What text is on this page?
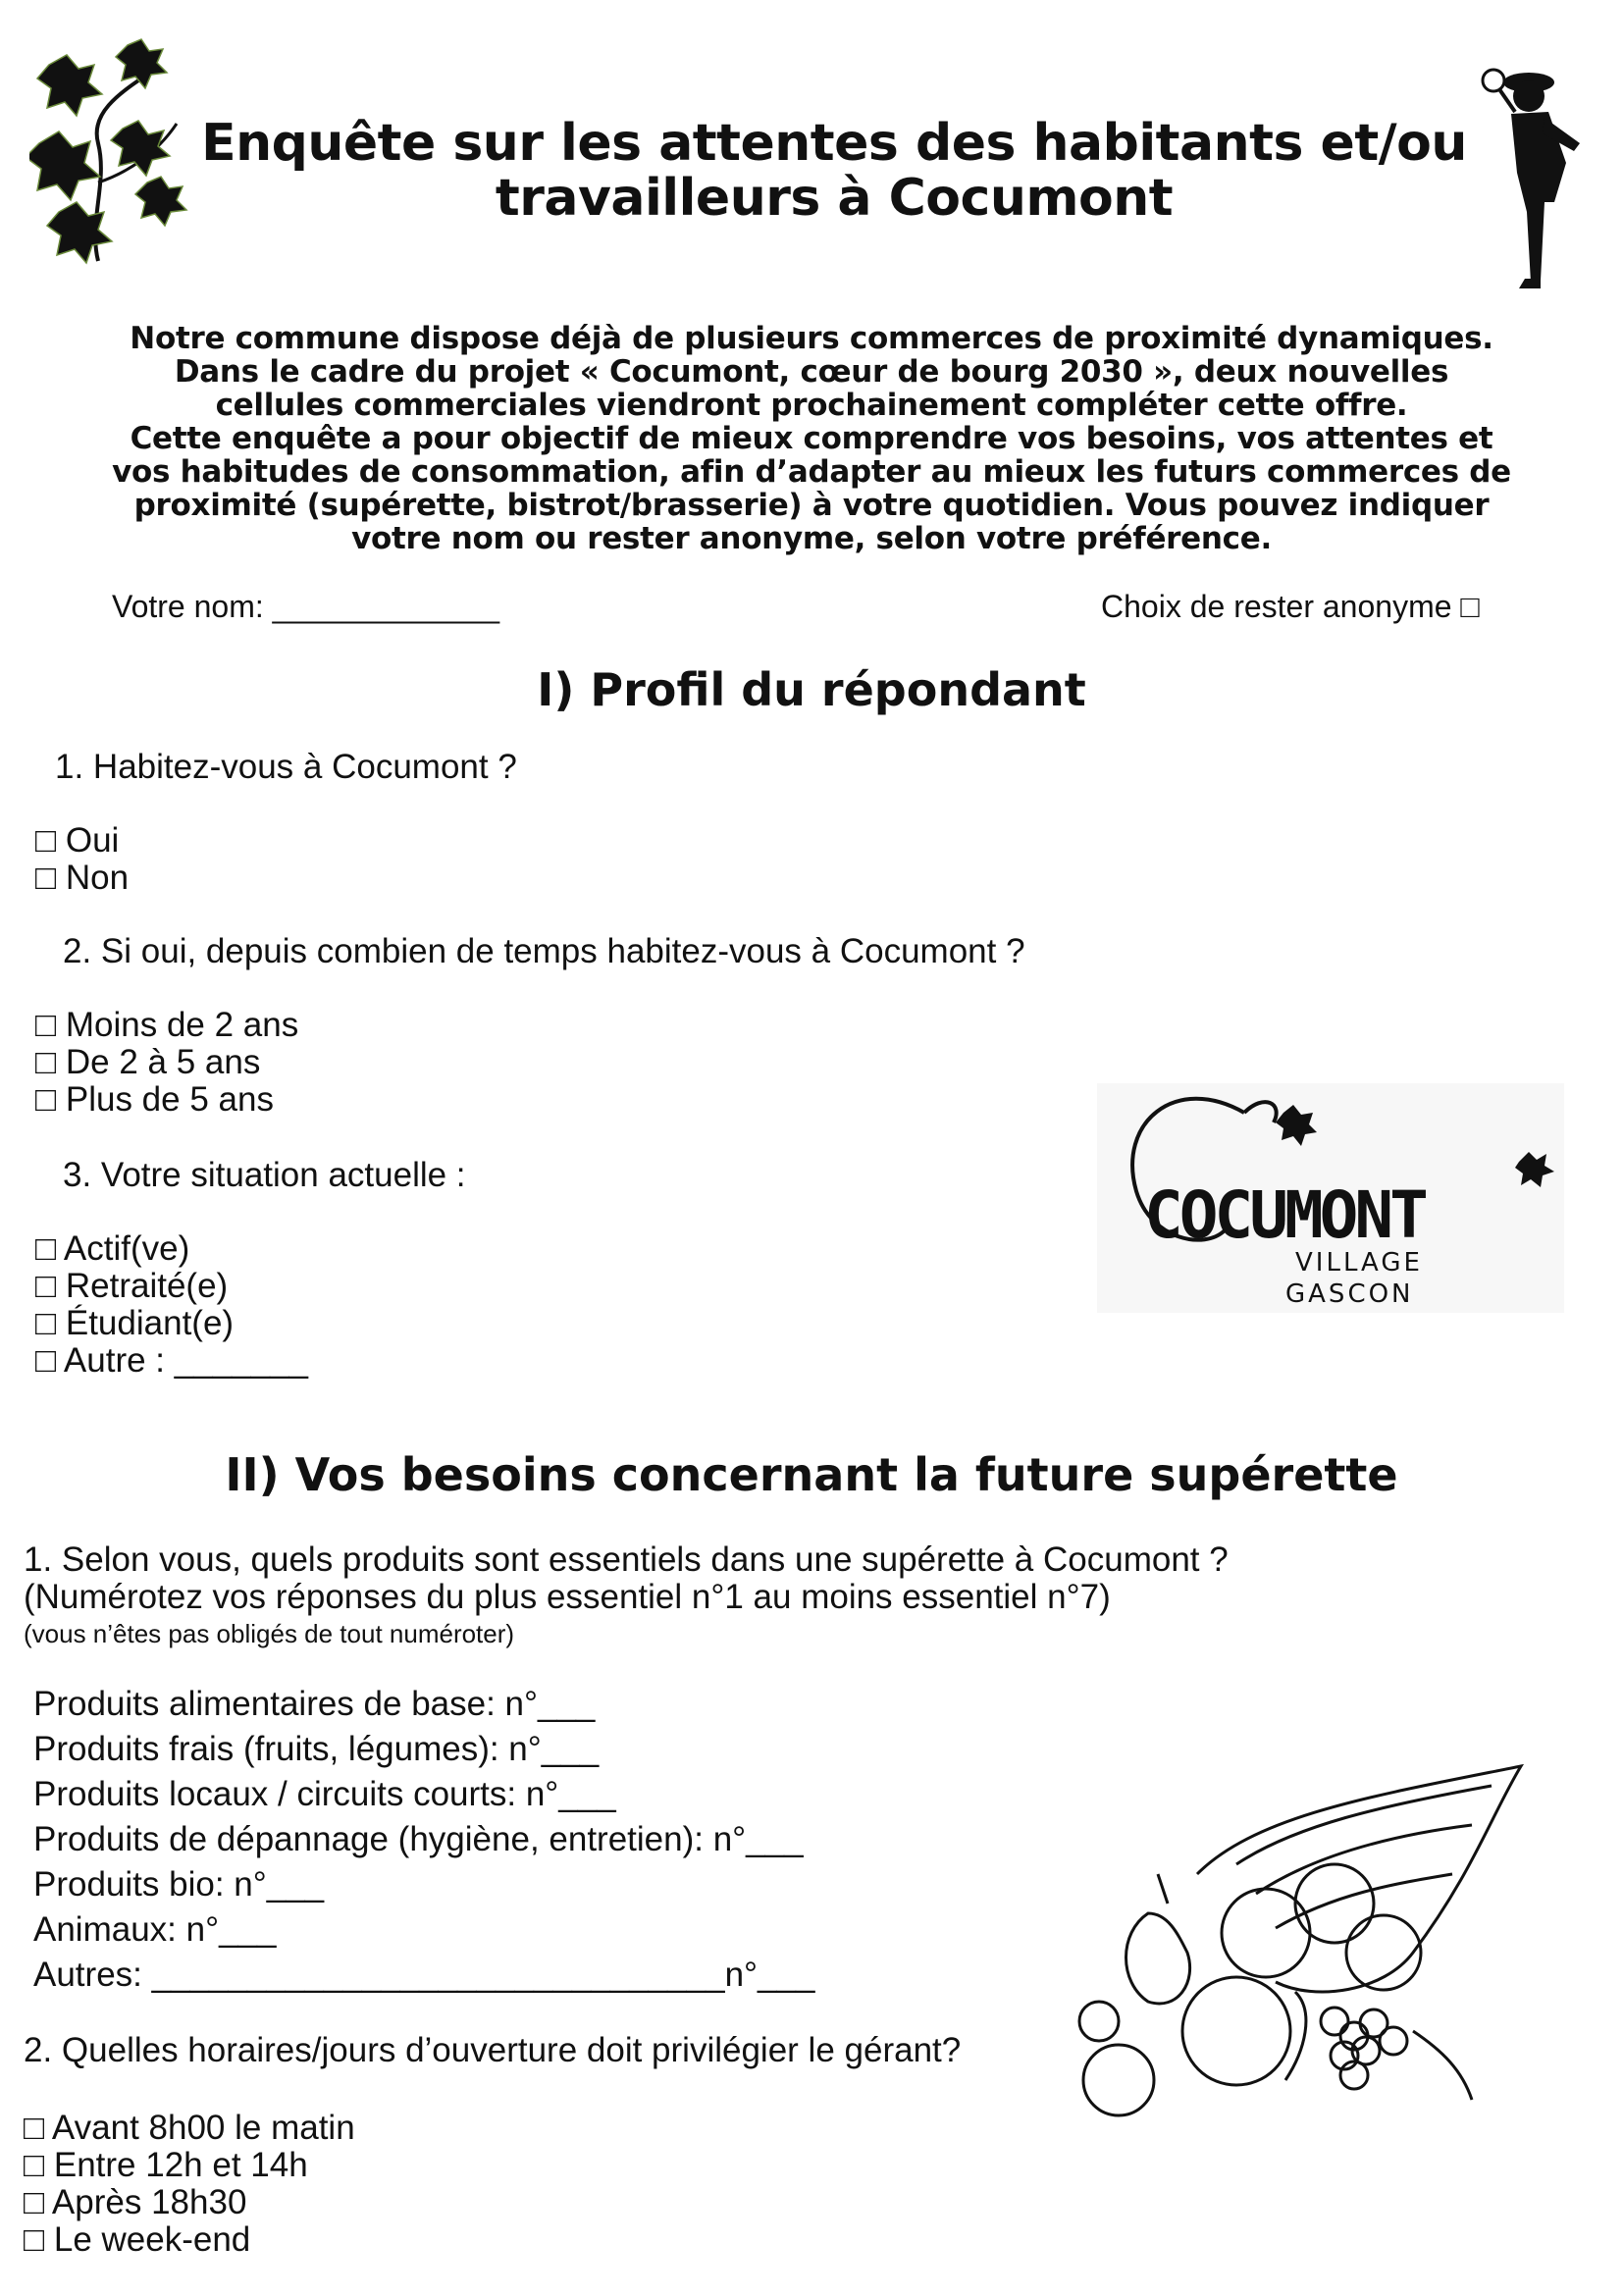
Enquête sur les attentes des habitants et/ou
travailleurs à Cocumont
Notre commune dispose déjà de plusieurs commerces de proximité dynamiques.
Dans le cadre du projet « Cocumont, cœur de bourg 2030 », deux nouvelles
cellules commerciales viendront prochainement compléter cette offre.
Cette enquête a pour objectif de mieux comprendre vos besoins, vos attentes et
vos habitudes de consommation, afin d’adapter au mieux les futurs commerces de
proximité (supérette, bistrot/brasserie) à votre quotidien. Vous pouvez indiquer
votre nom ou rester anonyme, selon votre préférence.
Votre nom: _____________	Choix de rester anonyme □
I) Profil du répondant
1. Habitez-vous à Cocumont ?
□ Oui
□ Non
2. Si oui, depuis combien de temps habitez-vous à Cocumont ?
□ Moins de 2 ans
□ De 2 à 5 ans
□ Plus de 5 ans
3. Votre situation actuelle :
□ Actif(ve)
□ Retraité(e)
□ Étudiant(e)
□ Autre : _______
COCUMONT
VILLAGE
GASCON
II) Vos besoins concernant la future supérette
1. Selon vous, quels produits sont essentiels dans une supérette à Cocumont ?
(Numérotez vos réponses du plus essentiel n°1 au moins essentiel n°7)
(vous n’êtes pas obligés de tout numéroter)
Produits alimentaires de base: n°___
Produits frais (fruits, légumes): n°___
Produits locaux / circuits courts: n°___
Produits de dépannage (hygiène, entretien): n°___
Produits bio: n°___
Animaux: n°___
Autres: ______________________________n°___
2. Quelles horaires/jours d’ouverture doit privilégier le gérant?
□ Avant 8h00 le matin
□ Entre 12h et 14h
□ Après 18h30
□ Le week-end
